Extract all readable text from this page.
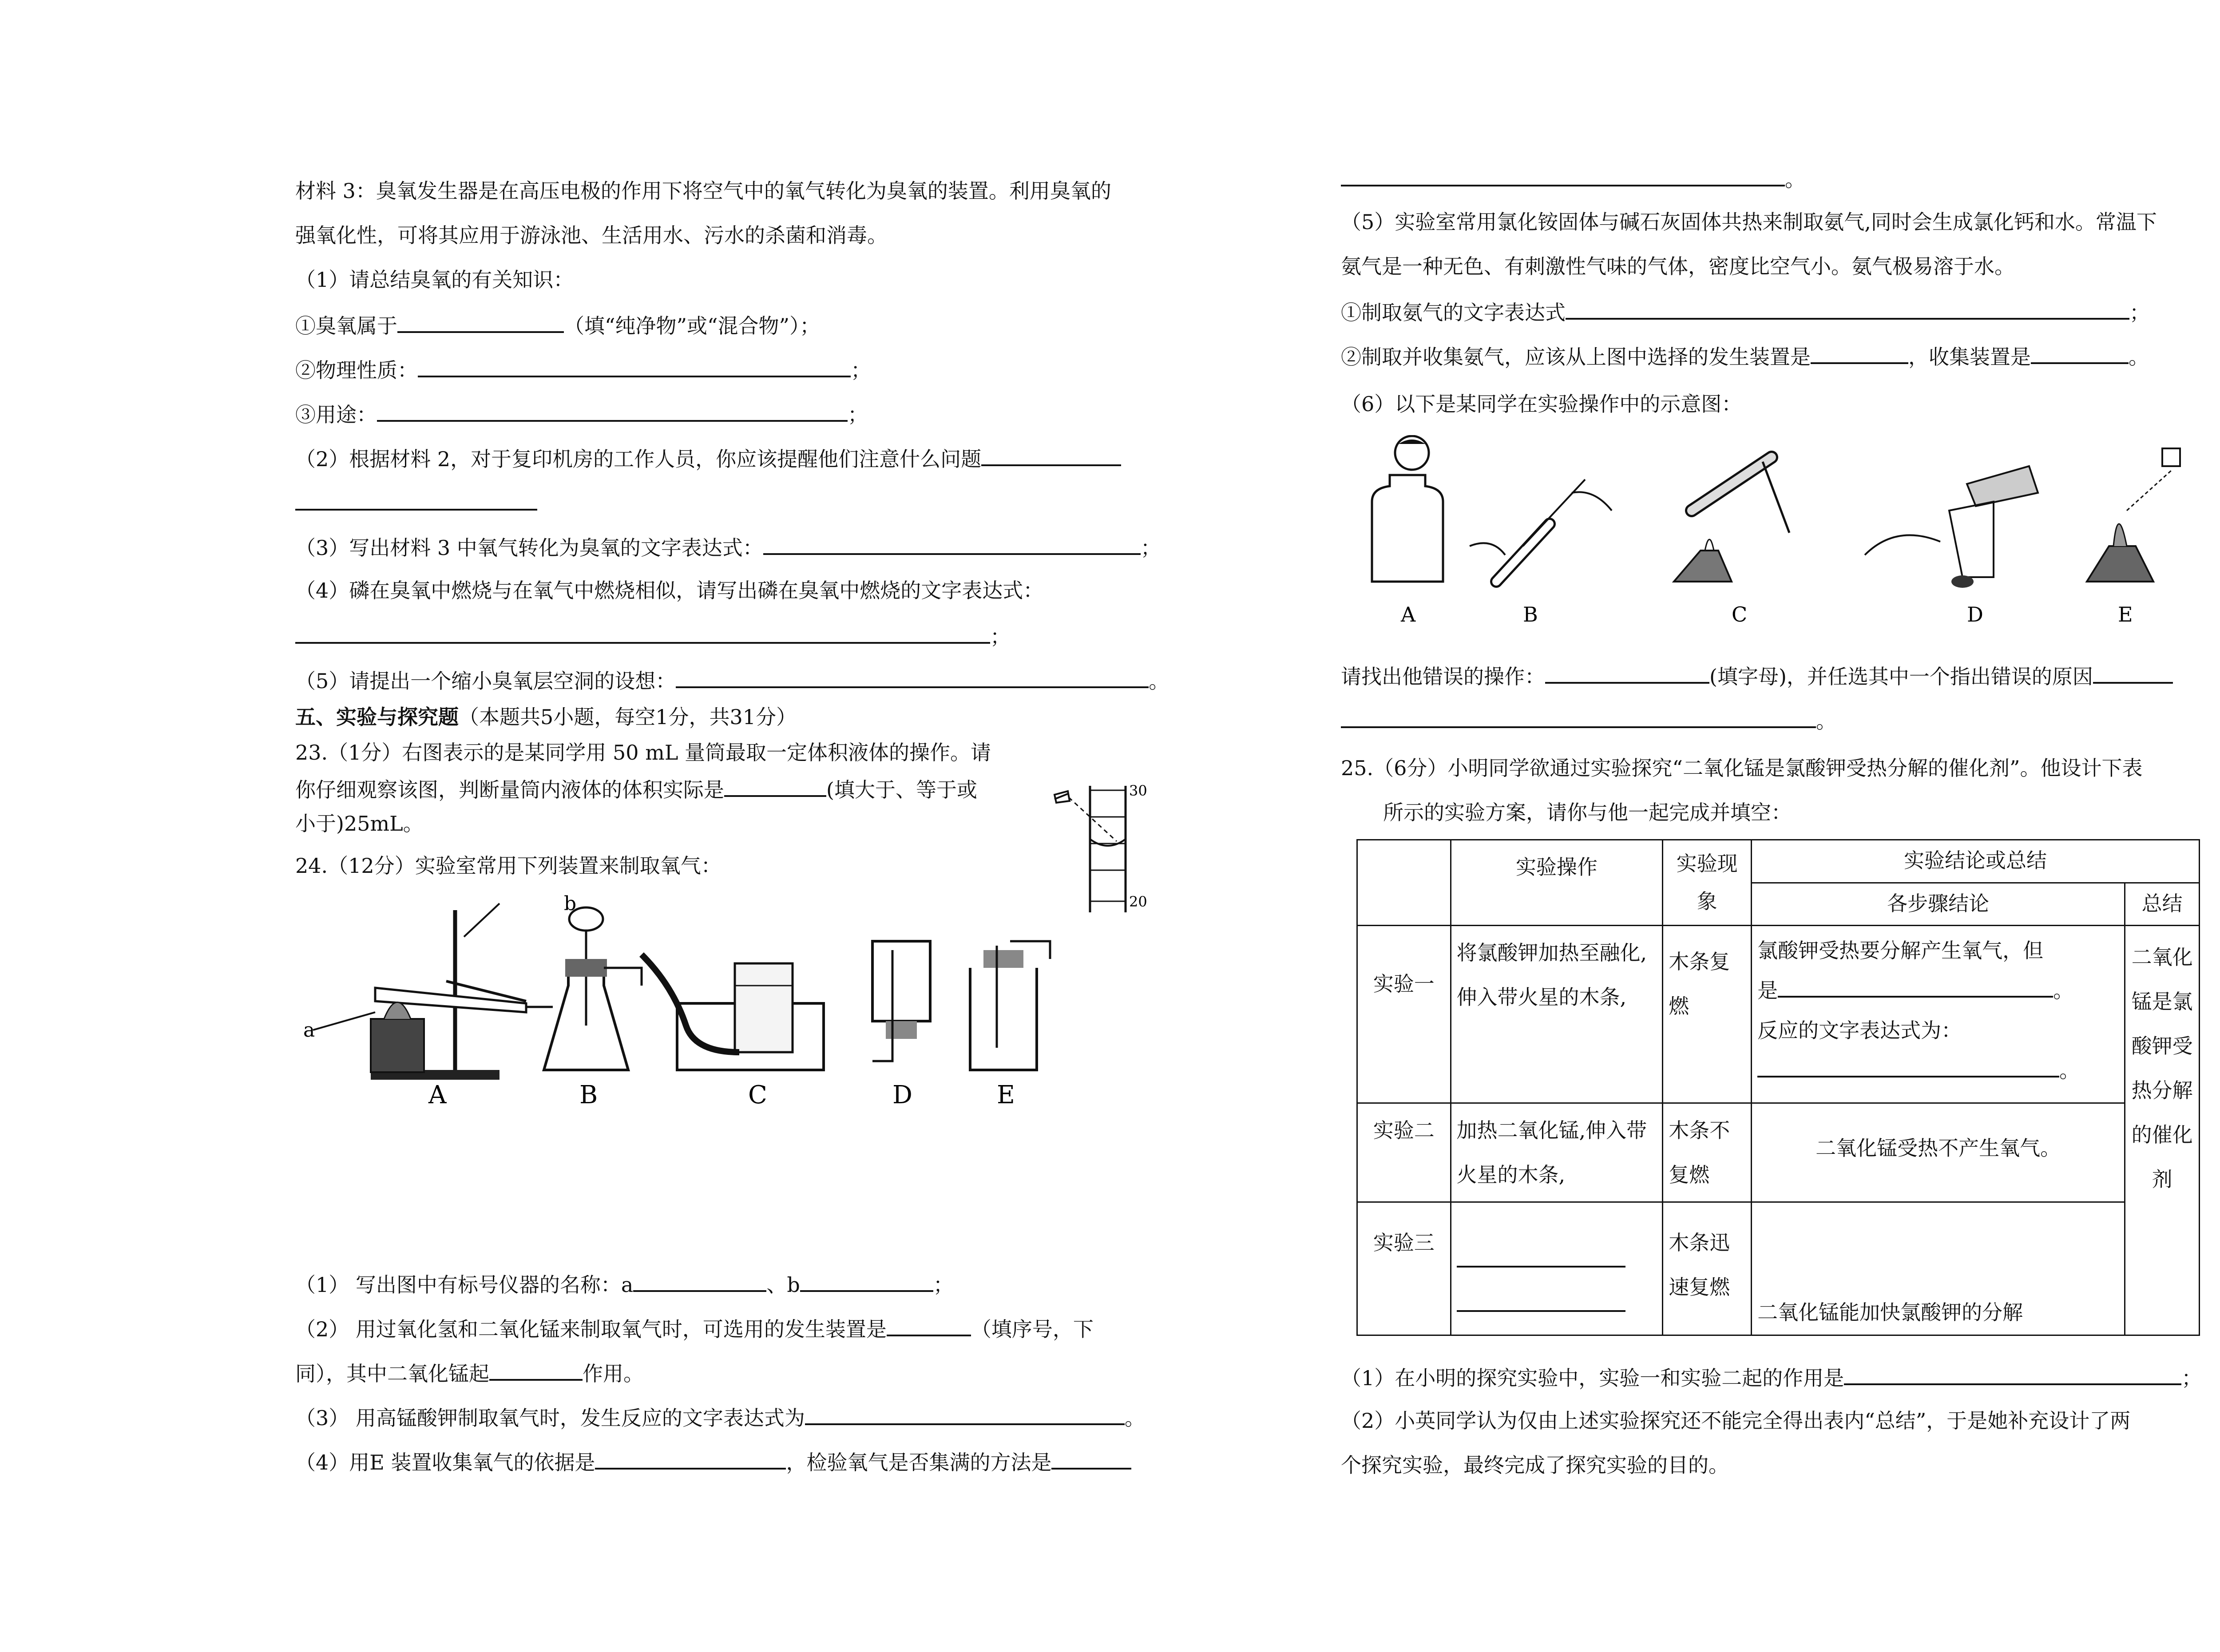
材料 3：臭氧发生器是在高压电极的作用下将空气中的氧气转化为臭氧的装置。利用臭氧的
强氧化性，可将其应用于游泳池、生活用水、污水的杀菌和消毒。
（1）请总结臭氧的有关知识：
①臭氧属于	（填“纯净物”或“混合物”）；
②物理性质：	；
③用途：	；
（2）根据材料 2，对于复印机房的工作人员，你应该提醒他们注意什么问题
（3）写出材料 3 中氧气转化为臭氧的文字表达式：	；
（4）磷在臭氧中燃烧与在氧气中燃烧相似，请写出磷在臭氧中燃烧的文字表达式：
；
（5）请提出一个缩小臭氧层空洞的设想：	。
五、实验与探究题（本题共5小题，每空1分，共31分）
23.（1分）右图表示的是某同学用 50 mL 量筒最取一定体积液体的操作。请
你仔细观察该图，判断量筒内液体的体积实际是	(填大于、等于或
小于)25mL。
30
20
24.（12分）实验室常用下列装置来制取氧气：
a
A
b
B	C	D	E
（1） 写出图中有标号仪器的名称：a	、b	；
（2） 用过氧化氢和二氧化锰来制取氧气时，可选用的发生装置是	（填序号，下
同），其中二氧化锰起	作用。
（3） 用高锰酸钾制取氧气时，发生反应的文字表达式为	。
（4）用E 装置收集氧气的依据是	，检验氧气是否集满的方法是
。
（5）实验室常用氯化铵固体与碱石灰固体共热来制取氨气,同时会生成氯化钙和水。常温下
氨气是一种无色、有刺激性气味的气体，密度比空气小。氨气极易溶于水。
①制取氨气的文字表达式	；
②制取并收集氨气，应该从上图中选择的发生装置是	，收集装置是	。
（6）以下是某同学在实验操作中的示意图：
A	B	C	D	E
请找出他错误的操作：	(填字母)，并任选其中一个指出错误的原因
。
25.（6分）小明同学欲通过实验探究“二氧化锰是氯酸钾受热分解的催化剂”。他设计下表
所示的实验方案，请你与他一起完成并填空：
	实验操作	实验现象	实验结论或总结	
			各步骤结论	总结
实验一	将氯酸钾加热至融化,伸入带火星的木条,	木条复燃	氯酸钾受热要分解产生氧气，但
是 。
反应的文字表达式为：
。	二氧化锰是氯酸钾受热分解的催化剂
实验二	加热二氧化锰,伸入带火星的木条,	木条不复燃	二氧化锰受热不产生氧气。	
实验三		木条迅速复燃	二氧化锰能加快氯酸钾的分解	
（1）在小明的探究实验中，实验一和实验二起的作用是	；
（2）小英同学认为仅由上述实验探究还不能完全得出表内“总结”，于是她补充设计了两
个探究实验，最终完成了探究实验的目的。
